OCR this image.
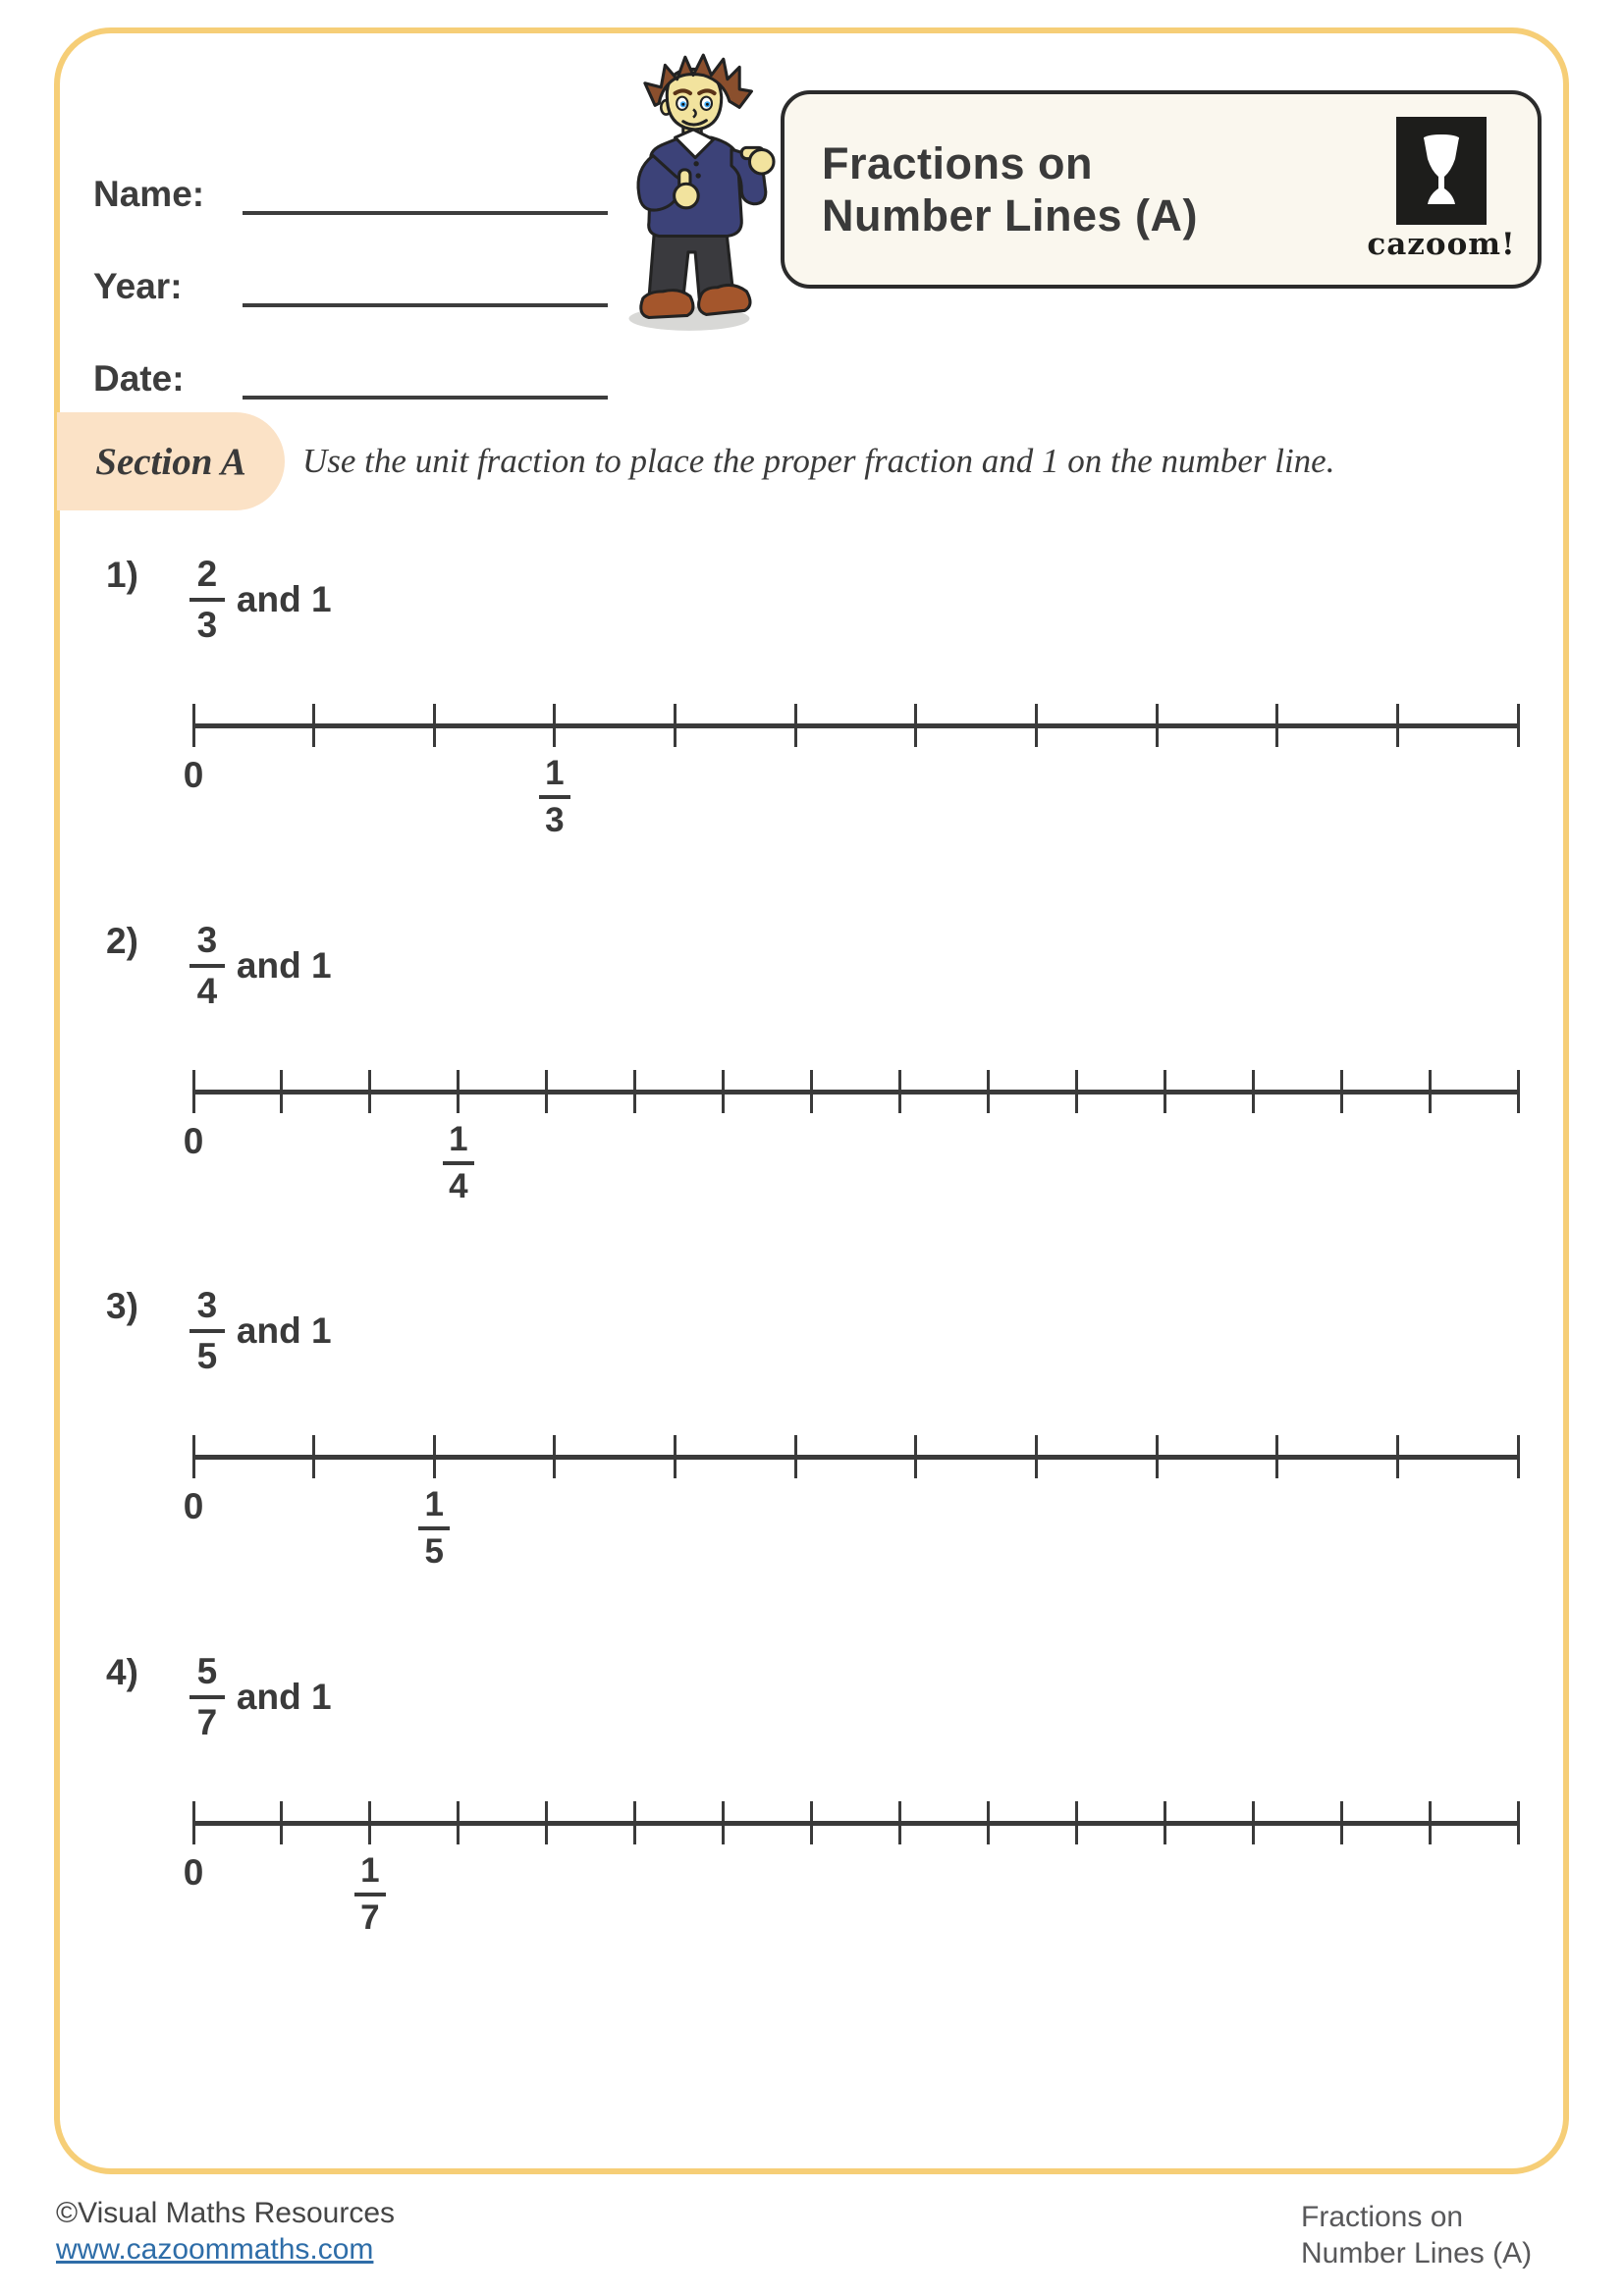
Name:
Year:
Date:
Fractions on
Number Lines (A)
cazoom!
Section A Use the unit fraction to place the proper fraction and 1 on the number line.
$1) \frac{2}{3}$ and 1
0	1
3
$2) \frac{3}{4}$ and 1
0	1
4
$3) \frac{3}{5}$ and 1
0	1
5
$4) \frac{5}{7}$ and 1
0	1
7
©Visual Maths Resources
www.cazoommaths.com
Fractions on
Number Lines (A)
